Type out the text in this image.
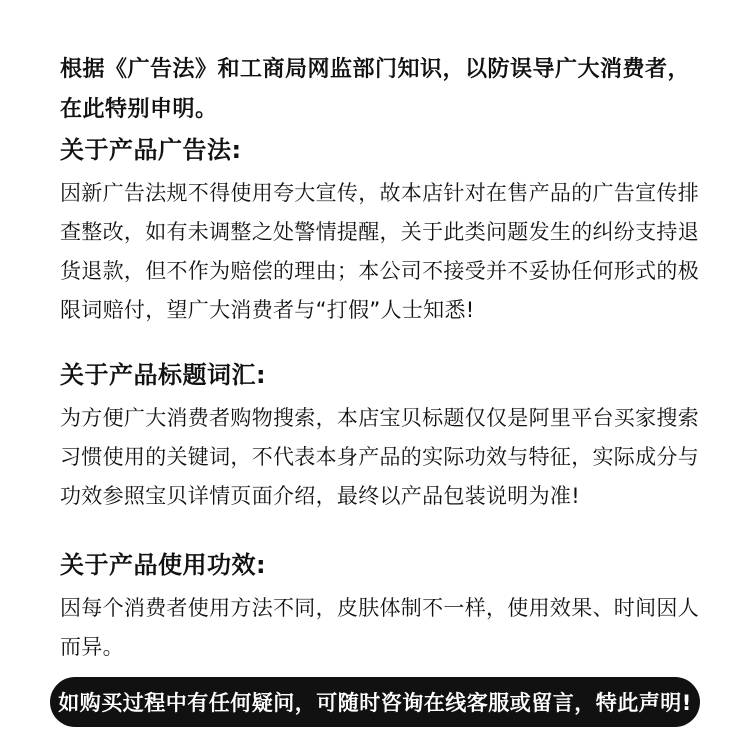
根据《广告法》和工商局网监部门知识，以防误导广大消费者，在此特别申明。

关于产品广告法:

因新广告法规不得使用夸大宣传，故本店针对在售产品的广告宣传排查整改，如有未调整之处警情提醒，关于此类问题发生的纠纷支持退货退款，但不作为赔偿的理由；本公司不接受并不妥协任何形式的极限词赔付，望广大消费者与“打假”人士知悉!

关于产品标题词汇:

为方便广大消费者购物搜索，本店宝贝标题仅仅是阿里平台买家搜索习惯使用的关键词，不代表本身产品的实际功效与特征，实际成分与功效参照宝贝详情页面介绍，最终以产品包装说明为准!

关于产品使用功效:

因每个消费者使用方法不同，皮肤体制不一样，使用效果、时间因人而异。

如购买过程中有任何疑问，可随时咨询在线客服或留言，特此声明!
